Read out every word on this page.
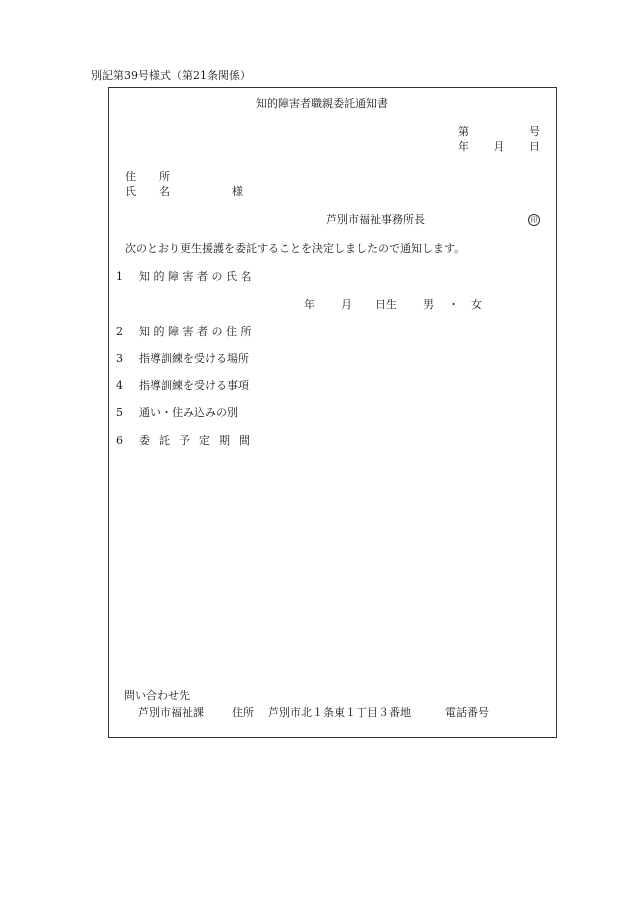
別記第39号様式（第21条関係）
知的障害者職親委託通知書
第	号
年 月 日
住　所
氏　名	様
芦別市福祉事務所長	印
次のとおり更生援護を委託することを決定しましたので通知します。
1 知的障害者の氏名
年 月 日生 男 ・ 女
2 知的障害者の住所
3 指導訓練を受ける場所
4 指導訓練を受ける事項
5 通い・住み込みの別
6 委託予定期間
問い合わせ先
芦別市福祉課	住所 芦別市北１条東１丁目３番地	電話番号
